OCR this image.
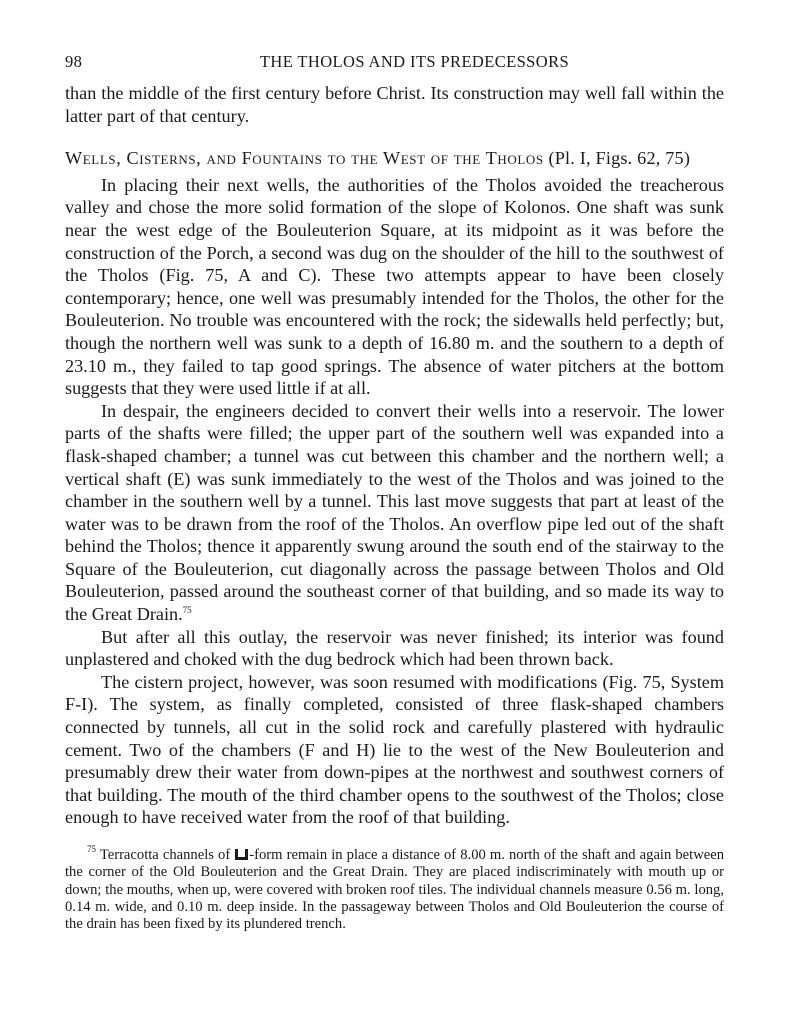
98	THE THOLOS AND ITS PREDECESSORS

than the middle of the first century before Christ. Its construction may well fall within the latter part of that century.

Wells, Cisterns, and Fountains to the West of the Tholos (Pl. I, Figs. 62, 75)

In placing their next wells, the authorities of the Tholos avoided the treacherous valley and chose the more solid formation of the slope of Kolonos. One shaft was sunk near the west edge of the Bouleuterion Square, at its midpoint as it was before the construction of the Porch, a second was dug on the shoulder of the hill to the southwest of the Tholos (Fig. 75, A and C). These two attempts appear to have been closely contemporary; hence, one well was presumably intended for the Tholos, the other for the Bouleuterion. No trouble was encountered with the rock; the sidewalls held perfectly; but, though the northern well was sunk to a depth of 16.80 m. and the southern to a depth of 23.10 m., they failed to tap good springs. The absence of water pitchers at the bottom suggests that they were used little if at all.

In despair, the engineers decided to convert their wells into a reservoir. The lower parts of the shafts were filled; the upper part of the southern well was expanded into a flask-shaped chamber; a tunnel was cut between this chamber and the northern well; a vertical shaft (E) was sunk immediately to the west of the Tholos and was joined to the chamber in the southern well by a tunnel. This last move suggests that part at least of the water was to be drawn from the roof of the Tholos. An overflow pipe led out of the shaft behind the Tholos; thence it apparently swung around the south end of the stairway to the Square of the Bouleuterion, cut diagonally across the passage between Tholos and Old Bouleuterion, passed around the southeast corner of that building, and so made its way to the Great Drain.$^{75}$

But after all this outlay, the reservoir was never finished; its interior was found unplastered and choked with the dug bedrock which had been thrown back.

The cistern project, however, was soon resumed with modifications (Fig. 75, System F-I). The system, as finally completed, consisted of three flask-shaped chambers connected by tunnels, all cut in the solid rock and carefully plastered with hydraulic cement. Two of the chambers (F and H) lie to the west of the New Bouleuterion and presumably drew their water from down-pipes at the northwest and southwest corners of that building. The mouth of the third chamber opens to the southwest of the Tholos; close enough to have received water from the roof of that building.

$^{75}$ Terracotta channels of -form remain in place a distance of 8.00 m. north of the shaft and again between the corner of the Old Bouleuterion and the Great Drain. They are placed indiscriminately with mouth up or down; the mouths, when up, were covered with broken roof tiles. The individual channels measure 0.56 m. long, 0.14 m. wide, and 0.10 m. deep inside. In the passageway between Tholos and Old Bouleuterion the course of the drain has been fixed by its plundered trench.
